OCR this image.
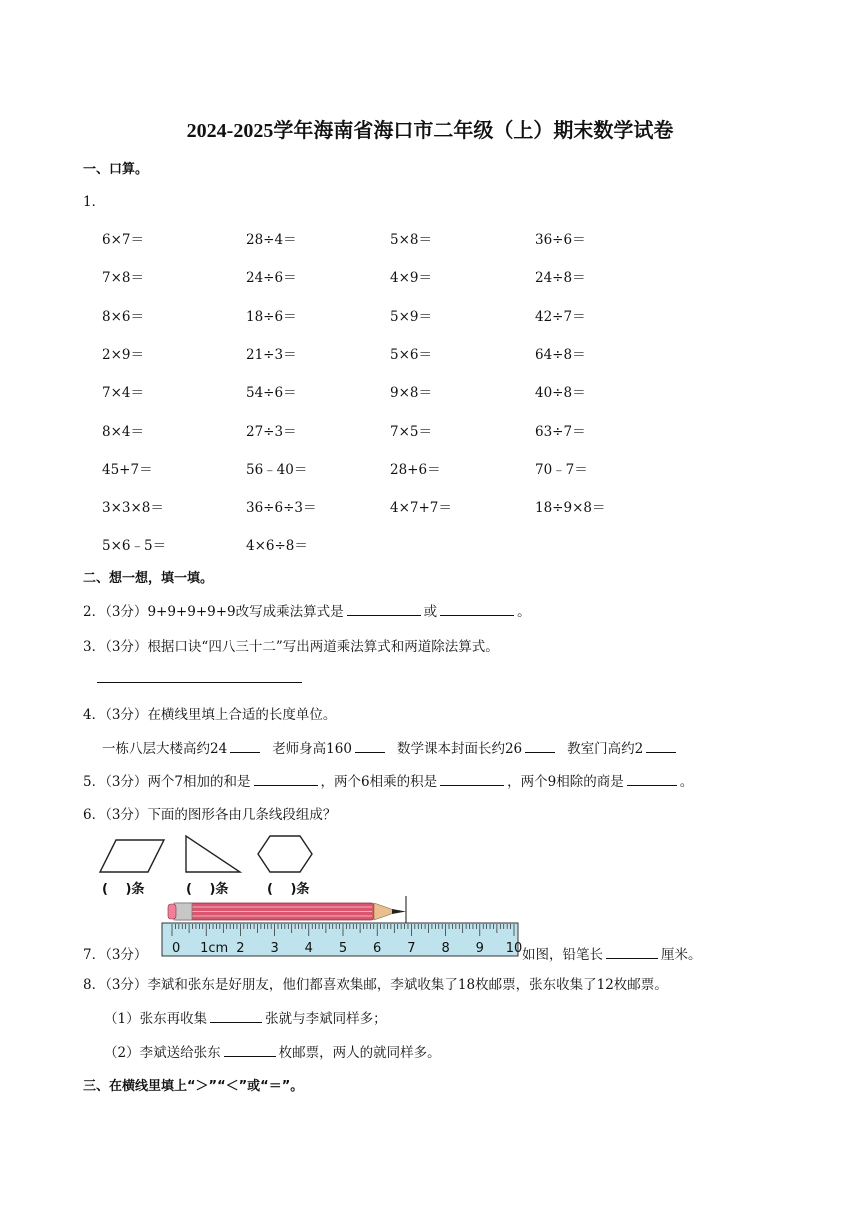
2024-2025学年海南省海口市二年级（上）期末数学试卷
一、口算。
1．
6×7＝	28÷4＝	5×8＝	36÷6＝
7×8＝	24÷6＝	4×9＝	24÷8＝
8×6＝	18÷6＝	5×9＝	42÷7＝
2×9＝	21÷3＝	5×6＝	64÷8＝
7×4＝	54÷6＝	9×8＝	40÷8＝
8×4＝	27÷3＝	7×5＝	63÷7＝
45+7＝	56﹣40＝	28+6＝	70﹣7＝
3×3×8＝	36÷6÷3＝	4×7+7＝	18÷9×8＝
5×6﹣5＝	4×6÷8＝
二、想一想，填一填。
2．（3分）9+9+9+9+9改写成乘法算式是	或	。
3．（3分）根据口诀“四八三十二”写出两道乘法算式和两道除法算式。
4．（3分）在横线里填上合适的长度单位。
一栋八层大楼高约24	老师身高160	数学课本封面长约26	教室门高约2
5．（3分）两个7相加的和是	，两个6相乘的积是	，两个9相除的商是	。
6．（3分）下面的图形各由几条线段组成？
(　 )条	(　 )条	(　 )条
7．（3分） 0 1cm 2 3 4 5 6 7 8 9 10 如图，铅笔长	厘米。
8．（3分）李斌和张东是好朋友，他们都喜欢集邮，李斌收集了18枚邮票，张东收集了12枚邮票。
（1）张东再收集	张就与李斌同样多；
（2）李斌送给张东	枚邮票，两人的就同样多。
三、在横线里填上“＞”“＜”或“＝”。
